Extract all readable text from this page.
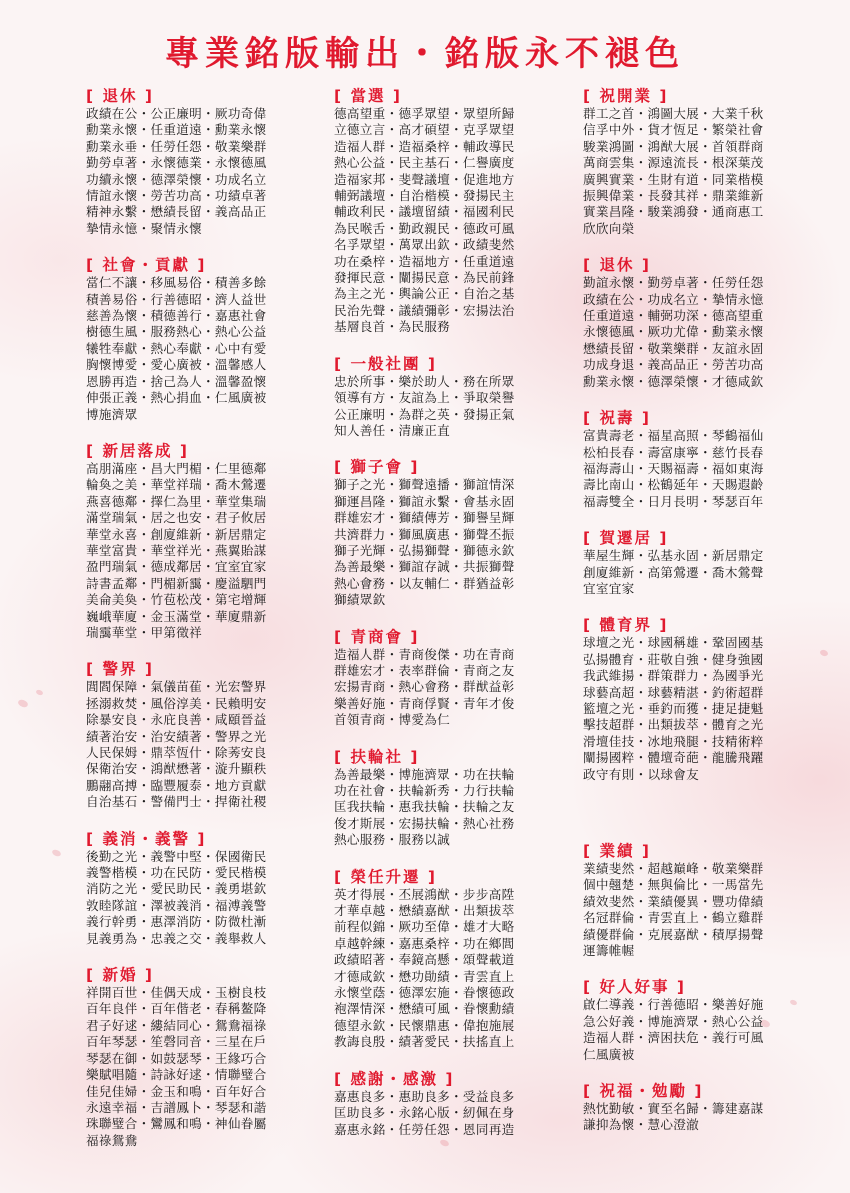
專業銘版輸出・銘版永不褪色
[ 退休 ]
政績在公・公正廉明・厥功奇偉
勳業永懷・任重道遠・勳業永懷
勳業永垂・任勞任怨・敬業樂群
勤勞卓著・永懷德業・永懷德風
功續永懷・德澤榮懷・功成名立
情誼永懷・勞苦功高・功績卓著
精神永繫・懋績長留・義高品正
摯情永憶・聚情永懷
[ 社會・貢獻 ]
當仁不讓・移風易俗・積善多餘
積善易俗・行善德昭・濟人益世
慈善為懷・積德善行・嘉惠社會
樹德生風・服務熱心・熱心公益
犧牲奉獻・熱心奉獻・心中有愛
胸懷博愛・愛心廣被・溫馨感人
恩勝再造・捨己為人・溫馨盈懷
伸張正義・熱心捐血・仁風廣被
博施濟眾
[ 新居落成 ]
高朋滿座・昌大門楣・仁里德鄰
輪奐之美・華堂祥瑞・喬木鶯遷
燕喜德鄰・擇仁為里・華堂集瑞
滿堂瑞氣・居之也安・君子攸居
華堂永喜・創廈維新・新居鼎定
華堂富貴・華堂祥光・燕翼貽謀
盈門瑞氣・德成鄰居・宜室宜家
詩書孟鄰・門楣新靄・慶溢駟門
美侖美奐・竹苞松茂・第宅增輝
巍峨華廈・金玉滿堂・華廈鼎新
瑞靄華堂・甲第徵祥
[ 警界 ]
閭閻保障・氣儀苗萑・光宏警界
拯溺救焚・風俗淳美・民賴明安
除暴安良・永庇良善・咸頤晉益
績著治安・治安績著・警界之光
人民保姆・鼎萃恆什・除莠安良
保衛治安・鴻猷懋著・漩升顯秩
鵬翮高搏・臨豐履泰・地方貢獻
自治基石・警備門士・捍衛社稷
[ 義消・義警 ]
後勤之光・義警中堅・保國衛民
義警楷模・功在民防・愛民楷模
消防之光・愛民助民・義勇堪欽
敦睦隊誼・澤被義消・福溥義警
義行幹勇・惠澤消防・防微杜漸
見義勇為・忠義之交・義舉救人
[ 新婚 ]
祥開百世・佳偶天成・玉樹良枝
百年良伴・百年偕老・春稱鳌降
君子好逑・縷結同心・鴛鴦福祿
百年琴瑟・笙磬同音・三星在戶
琴瑟在御・如鼓瑟琴・王緣巧合
樂賦唱隨・詩詠好逑・情聯璧合
佳兒佳婦・金玉和鳴・百年好合
永遠幸福・吉譜鳳卜・琴瑟和諧
珠聯璧合・鸞鳳和鳴・神仙眷屬
福祿鴛鴦
[ 當選 ]
德高望重・德孚眾望・眾望所歸
立德立言・高才碩望・克孚眾望
造福人群・造福桑梓・輔政導民
熱心公益・民主基石・仁譽廣度
造福家邦・斐聲議壇・促進地方
輔弼議壇・自治楷模・發揚民主
輔政利民・議壇留績・福國利民
為民喉舌・勤政親民・德政可風
名孚眾望・萬眾出欽・政績斐然
功在桑梓・造福地方・任重道遠
發揮民意・闡揚民意・為民前鋒
為主之光・輿論公正・自治之基
民治先聲・議績彌彰・宏揚法治
基層良首・為民服務
[ 一般社團 ]
忠於所事・樂於助人・務在所眾
領導有方・友誼為上・爭取榮譽
公正廉明・為群之英・發揚正氣
知人善任・清廉正直
[ 獅子會 ]
獅子之光・獅聲遠播・獅誼情深
獅運昌隆・獅誼永繫・會基永固
群雄宏才・獅績傳芳・獅譽呈輝
共濟群力・獅風廣惠・獅聲丕振
獅子光輝・弘揚獅聲・獅德永欽
為善最樂・獅誼存誠・共振獅聲
熱心會務・以友輔仁・群猶益彰
獅績眾欽
[ 青商會 ]
造福人群・青商俊傑・功在青商
群雄宏才・表率群倫・青商之友
宏揚青商・熱心會務・群猷益彰
樂善好施・青商俘賢・青年才俊
首領青商・博愛為仁
[ 扶輪社 ]
為善最樂・博施濟眾・功在扶輪
功在社會・扶輪新秀・力行扶輪
匡我扶輪・惠我扶輪・扶輪之友
俊才斯展・宏揚扶輪・熱心社務
熱心服務・服務以誠
[ 榮任升遷 ]
英才得展・丕展鴻猷・步步高陞
才華卓越・懋績嘉猷・出類拔萃
前程似錦・厥功至偉・雄才大略
卓越幹練・嘉惠桑梓・功在鄉閭
政績昭著・奉鏡高懸・頌聲載道
才德咸欽・懋功勛績・青雲直上
永懷堂蔭・德澤宏施・眷懷德政
袍澤情深・懋績可風・眷懷勳績
德望永欽・民懷鼎惠・偉抱施展
教誨良殷・績著愛民・扶搖直上
[ 感謝・感激 ]
嘉惠良多・惠助良多・受益良多
匡助良多・永銘心版・紉佩在身
嘉惠永銘・任勞任怨・恩同再造
[ 祝開業 ]
群工之首・鴻圖大展・大業千秋
信孚中外・貨才恆足・繁榮社會
駿業鴻圖・鴻猷大展・首領群商
萬商雲集・源遠流長・根深葉茂
廣興實業・生財有道・同業楷模
振興偉業・長發其祥・鼎業維新
實業昌隆・駿業鴻發・通商惠工
欣欣向榮
[ 退休 ]
勤誼永懷・勤勞卓著・任勞任怨
政績在公・功成名立・摯情永憶
任重道遠・輔弼功深・德高望重
永懷德風・厥功尤偉・勳業永懷
懋績長留・敬業樂群・友誼永固
功成身退・義高品正・勞苦功高
勳業永懷・德澤榮懷・才德咸欽
[ 祝壽 ]
富貴壽老・福星高照・琴鶴福仙
松柏長春・壽富康寧・慈竹長春
福海壽山・天賜福壽・福如東海
壽比南山・松鶴延年・天賜遐齡
福壽雙全・日月長明・琴瑟百年
[ 賀遷居 ]
華屋生輝・弘基永固・新居鼎定
創廈維新・高第鶯遷・喬木鶯聲
宜室宜家
[ 體育界 ]
球壇之光・球國稱雄・鞏固國基
弘揚體育・莊敬自強・健身強國
我武維揚・群策群力・為國爭光
球藝高超・球藝精湛・釣術超群
籃壇之光・垂釣而獲・捷足捷魁
擊技超群・出類拔萃・體育之光
滑壇佳技・冰地飛腿・技精術粹
闡揚國粹・體壇奇葩・龍騰飛躍
政守有則・以球會友
[ 業績 ]
業績斐然・超越巔峰・敬業樂群
個中翹楚・無與倫比・一馬當先
績效斐然・業績優異・豐功偉績
名冠群倫・青雲直上・鶴立雞群
績優群倫・克展嘉猷・積厚揚聲
運籌帷幄
[ 好人好事 ]
啟仁導義・行善德昭・樂善好施
急公好義・博施濟眾・熱心公益
造福人群・濟困扶危・義行可風
仁風廣被
[ 祝福・勉勵 ]
熱忱勤敏・實至名歸・籌建嘉謀
謙抑為懷・慧心澄澈
